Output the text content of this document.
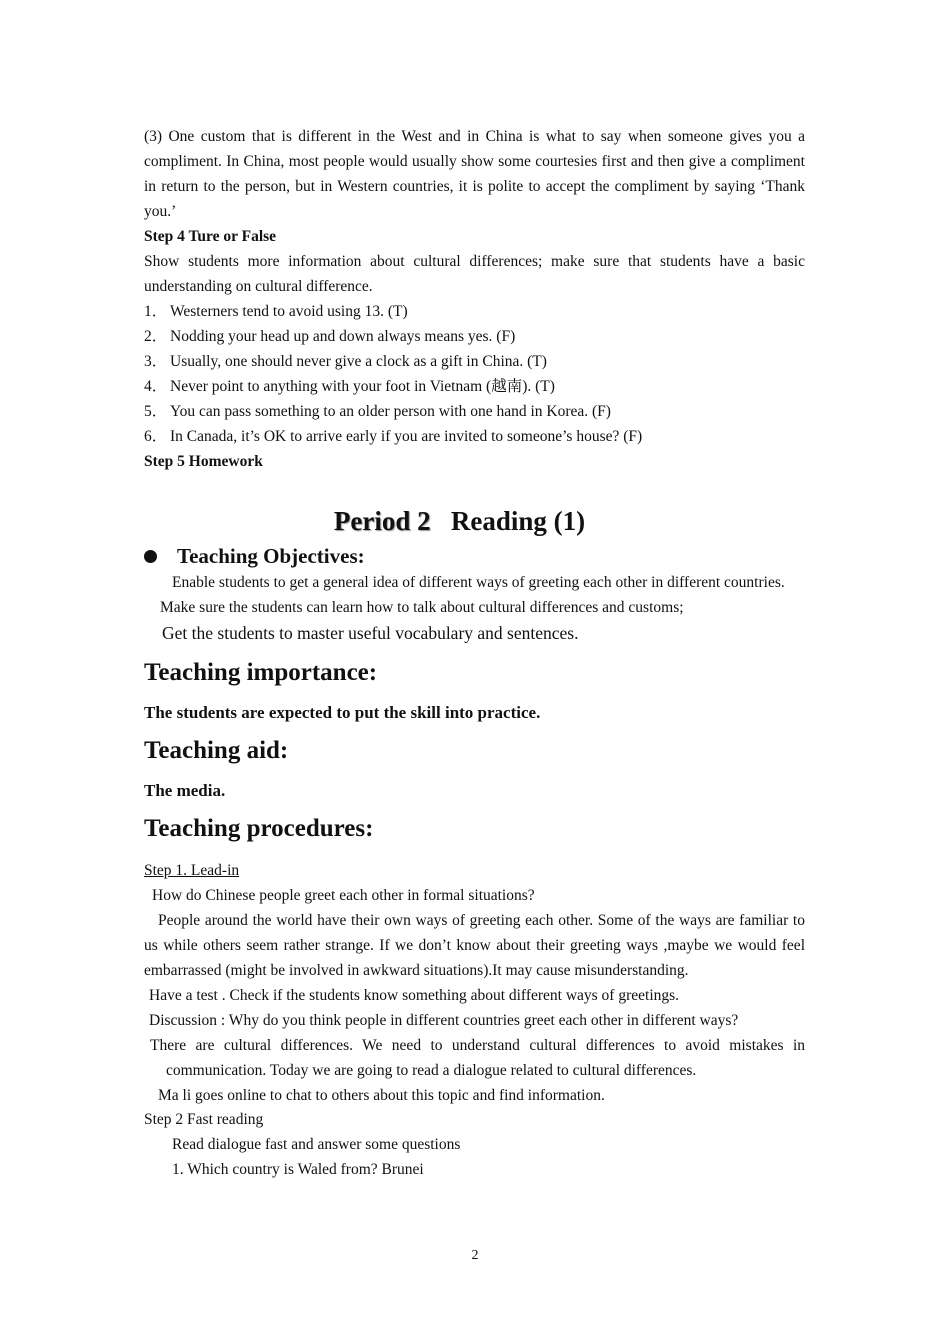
(3) One custom that is different in the West and in China is what to say when someone gives you a compliment. In China, most people would usually show some courtesies first and then give a compliment in return to the person, but in Western countries, it is polite to accept the compliment by saying ‘Thank you.’

Step 4 Ture or False

Show students more information about cultural differences; make sure that students have a basic understanding on cultural difference.

1． Westerners tend to avoid using 13. (T)

2． Nodding your head up and down always means yes. (F)

3． Usually, one should never give a clock as a gift in China. (T)

4． Never point to anything with your foot in Vietnam (越南). (T)

5． You can pass something to an older person with one hand in Korea. (F)

6． In Canada, it’s OK to arrive early if you are invited to someone’s house? (F)

Step 5 Homework

Period 2 Reading (1)
Teaching Objectives:

Enable students to get a general idea of different ways of greeting each other in different countries.

Make sure the students can learn how to talk about cultural differences and customs;

Get the students to master useful vocabulary and sentences.

Teaching importance:

The students are expected to put the skill into practice.

Teaching aid:

The media.

Teaching procedures:

Step 1. Lead-in

How do Chinese people greet each other in formal situations?

People around the world have their own ways of greeting each other. Some of the ways are familiar to us while others seem rather strange. If we don’t know about their greeting ways ,maybe we would feel embarrassed (might be involved in awkward situations).It may cause misunderstanding.

Have a test . Check if the students know something about different ways of greetings.

Discussion : Why do you think people in different countries greet each other in different ways?

There are cultural differences. We need to understand cultural differences to avoid mistakes in communication. Today we are going to read a dialogue related to cultural differences.

Ma li goes online to chat to others about this topic and find information.

Step 2 Fast reading

Read dialogue fast and answer some questions

1. Which country is Waled from? Brunei

2
